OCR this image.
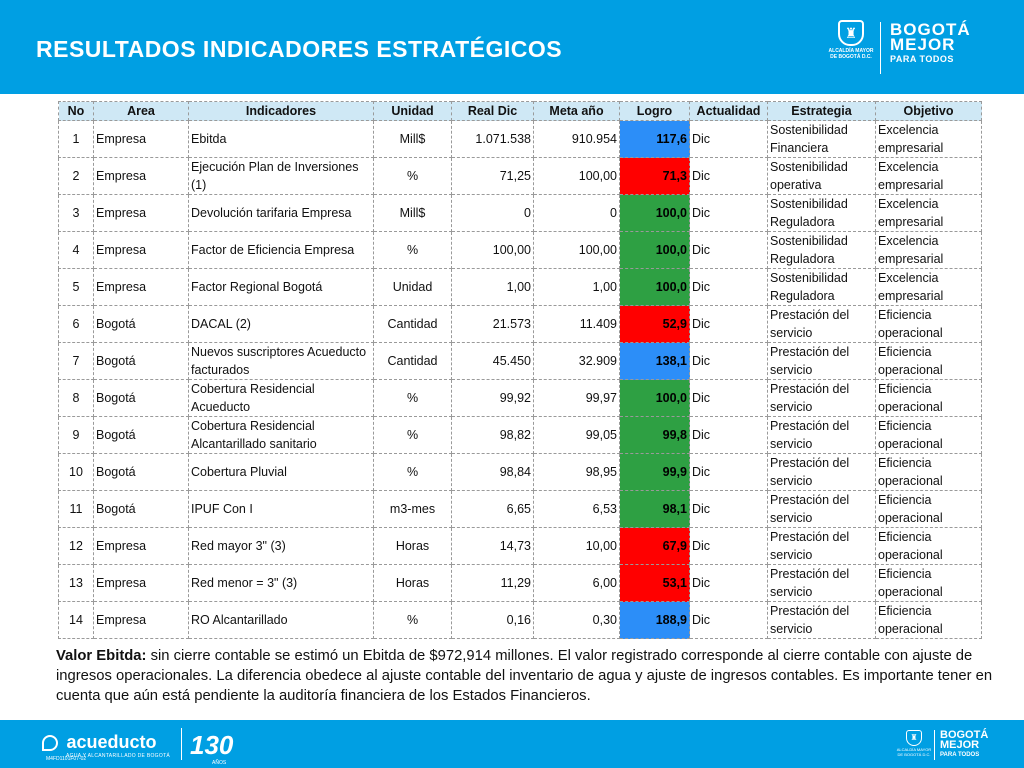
RESULTADOS INDICADORES ESTRATÉGICOS
♜
ALCALDÍA MAYOR
DE BOGOTÁ D.C.
BOGOTÁ
MEJOR
PARA TODOS
No	Area	Indicadores	Unidad	Real Dic	Meta año	Logro	Actualidad	Estrategia	Objetivo
1	Empresa	Ebitda	Mill$	1.071.538	910.954	117,6	Dic	Sostenibilidad Financiera	Excelencia empresarial
2	Empresa	Ejecución Plan de Inversiones (1)	%	71,25	100,00	71,3	Dic	Sostenibilidad operativa	Excelencia empresarial
3	Empresa	Devolución tarifaria Empresa	Mill$	0	0	100,0	Dic	Sostenibilidad Reguladora	Excelencia empresarial
4	Empresa	Factor de Eficiencia Empresa	%	100,00	100,00	100,0	Dic	Sostenibilidad Reguladora	Excelencia empresarial
5	Empresa	Factor Regional Bogotá	Unidad	1,00	1,00	100,0	Dic	Sostenibilidad Reguladora	Excelencia empresarial
6	Bogotá	DACAL (2)	Cantidad	21.573	11.409	52,9	Dic	Prestación del servicio	Eficiencia operacional
7	Bogotá	Nuevos suscriptores Acueducto facturados	Cantidad	45.450	32.909	138,1	Dic	Prestación del servicio	Eficiencia operacional
8	Bogotá	Cobertura Residencial Acueducto	%	99,92	99,97	100,0	Dic	Prestación del servicio	Eficiencia operacional
9	Bogotá	Cobertura Residencial Alcantarillado sanitario	%	98,82	99,05	99,8	Dic	Prestación del servicio	Eficiencia operacional
10	Bogotá	Cobertura Pluvial	%	98,84	98,95	99,9	Dic	Prestación del servicio	Eficiencia operacional
11	Bogotá	IPUF Con I	m3-mes	6,65	6,53	98,1	Dic	Prestación del servicio	Eficiencia operacional
12	Empresa	Red mayor 3" (3)	Horas	14,73	10,00	67,9	Dic	Prestación del servicio	Eficiencia operacional
13	Empresa	Red menor = 3" (3)	Horas	11,29	6,00	53,1	Dic	Prestación del servicio	Eficiencia operacional
14	Empresa	RO Alcantarillado	%	0,16	0,30	188,9	Dic	Prestación del servicio	Eficiencia operacional
Valor Ebitda: sin cierre contable se estimó un Ebitda de $972,914 millones. El valor registrado corresponde al cierre contable con ajuste de ingresos operacionales. La diferencia obedece al ajuste contable del inventario de agua y ajuste de ingresos contables. Es importante tener en cuenta que aún está pendiente la auditoría financiera de los Estados Financieros.
acueducto
AGUA Y ALCANTARILLADO DE BOGOTÁ
M4FD1101F07-02	130
AÑOS
♜
ALCALDÍA MAYOR
DE BOGOTÁ D.C.
BOGOTÁ
MEJOR
PARA TODOS
